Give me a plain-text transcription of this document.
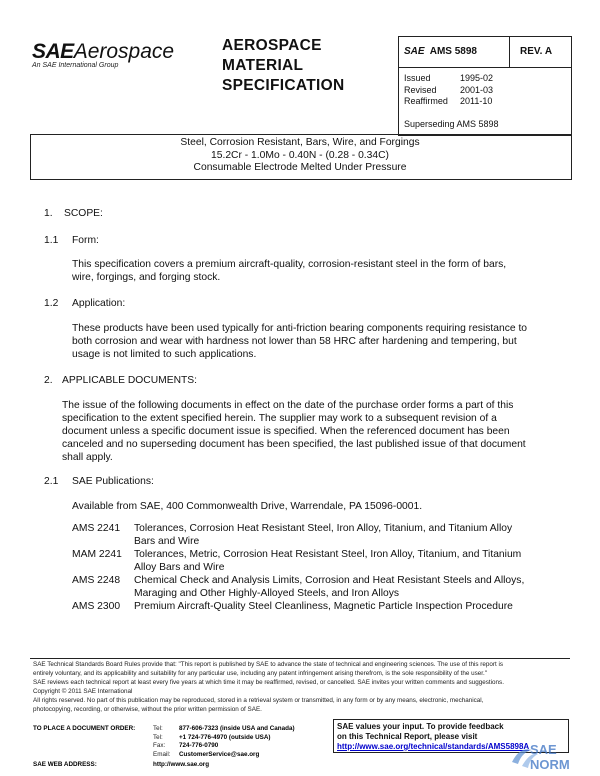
SAEAerospace
An SAE International Group
AEROSPACE
MATERIAL
SPECIFICATION
SAE AMS 5898	REV. A
Issued	1995-02
Revised	2001-03
Reaffirmed 2011-10
Superseding AMS 5898
Steel, Corrosion Resistant, Bars, Wire, and Forgings
15.2Cr - 1.0Mo - 0.40N - (0.28 - 0.34C)
Consumable Electrode Melted Under Pressure
1. SCOPE:
1.1 Form:
This specification covers a premium aircraft-quality, corrosion-resistant steel in the form of bars,
wire, forgings, and forging stock.
1.2 Application:
These products have been used typically for anti-friction bearing components requiring resistance to
both corrosion and wear with hardness not lower than 58 HRC after hardening and tempering, but
usage is not limited to such applications.
2. APPLICABLE DOCUMENTS:
The issue of the following documents in effect on the date of the purchase order forms a part of this
specification to the extent specified herein. The supplier may work to a subsequent revision of a
document unless a specific document issue is specified. When the referenced document has been
canceled and no superseding document has been specified, the last published issue of that document
shall apply.
2.1 SAE Publications:
Available from SAE, 400 Commonwealth Drive, Warrendale, PA 15096-0001.
AMS 2241	Tolerances, Corrosion Heat Resistant Steel, Iron Alloy, Titanium, and Titanium Alloy
Bars and Wire
MAM 2241	Tolerances, Metric, Corrosion Heat Resistant Steel, Iron Alloy, Titanium, and Titanium
Alloy Bars and Wire
AMS 2248	Chemical Check and Analysis Limits, Corrosion and Heat Resistant Steels and Alloys,
Maraging and Other Highly-Alloyed Steels, and Iron Alloys
AMS 2300	Premium Aircraft-Quality Steel Cleanliness, Magnetic Particle Inspection Procedure
SAE Technical Standards Board Rules provide that: "This report is published by SAE to advance the state of technical and engineering sciences. The use of this report is
entirely voluntary, and its applicability and suitability for any particular use, including any patent infringement arising therefrom, is the sole responsibility of the user."
SAE reviews each technical report at least every five years at which time it may be reaffirmed, revised, or cancelled. SAE invites your written comments and suggestions.
Copyright © 2011 SAE International
All rights reserved. No part of this publication may be reproduced, stored in a retrieval system or transmitted, in any form or by any means, electronic, mechanical,
photocopying, recording, or otherwise, without the prior written permission of SAE.
TO PLACE A DOCUMENT ORDER:	Tel:	877-606-7323 (inside USA and Canada)
Tel:	+1 724-776-4970 (outside USA)
Fax:	724-776-0790
Email:	CustomerService@sae.org
SAE WEB ADDRESS:	http://www.sae.org
SAE values your input. To provide feedback
on this Technical Report, please visit
http://www.sae.org/technical/standards/AMS5898A SAE NORM
